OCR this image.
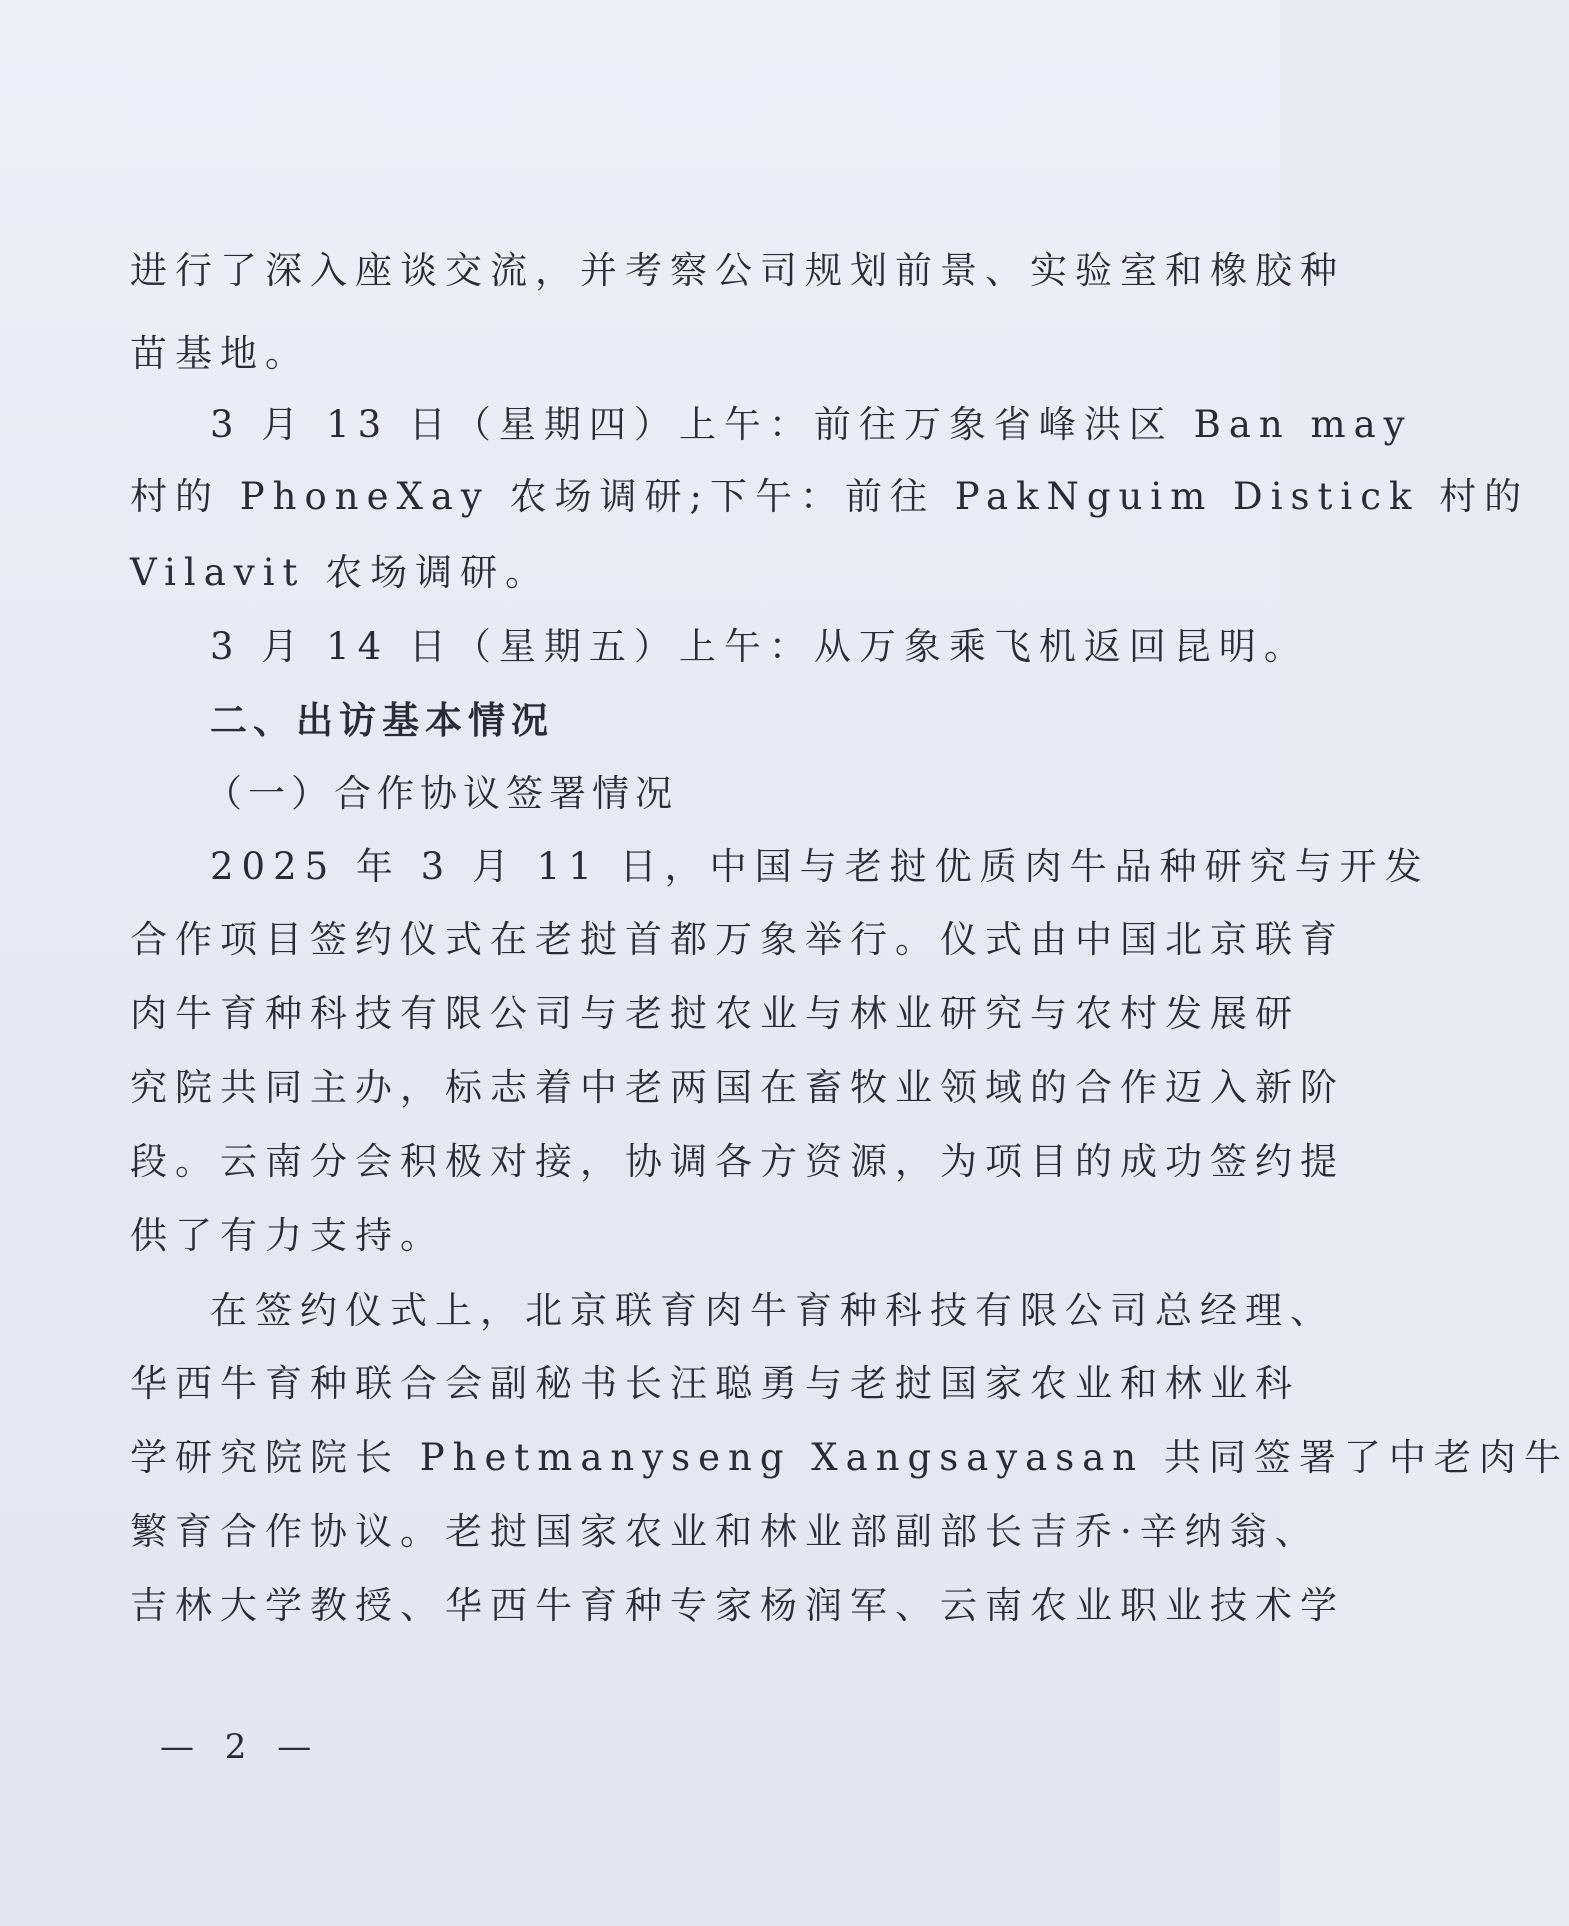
进行了深入座谈交流，并考察公司规划前景、实验室和橡胶种
苗基地。
3 月 13 日（星期四）上午：前往万象省峰洪区 Ban may
村的 PhoneXay 农场调研;下午：前往 PakNguim Distick 村的
Vilavit 农场调研。
3 月 14 日（星期五）上午：从万象乘飞机返回昆明。
二、出访基本情况
（一）合作协议签署情况
2025 年 3 月 11 日，中国与老挝优质肉牛品种研究与开发
合作项目签约仪式在老挝首都万象举行。仪式由中国北京联育
肉牛育种科技有限公司与老挝农业与林业研究与农村发展研
究院共同主办，标志着中老两国在畜牧业领域的合作迈入新阶
段。云南分会积极对接，协调各方资源，为项目的成功签约提
供了有力支持。
在签约仪式上，北京联育肉牛育种科技有限公司总经理、
华西牛育种联合会副秘书长汪聪勇与老挝国家农业和林业科
学研究院院长 Phetmanyseng Xangsayasan 共同签署了中老肉牛
繁育合作协议。老挝国家农业和林业部副部长吉乔·辛纳翁、
吉林大学教授、华西牛育种专家杨润军、云南农业职业技术学
— 2 —
